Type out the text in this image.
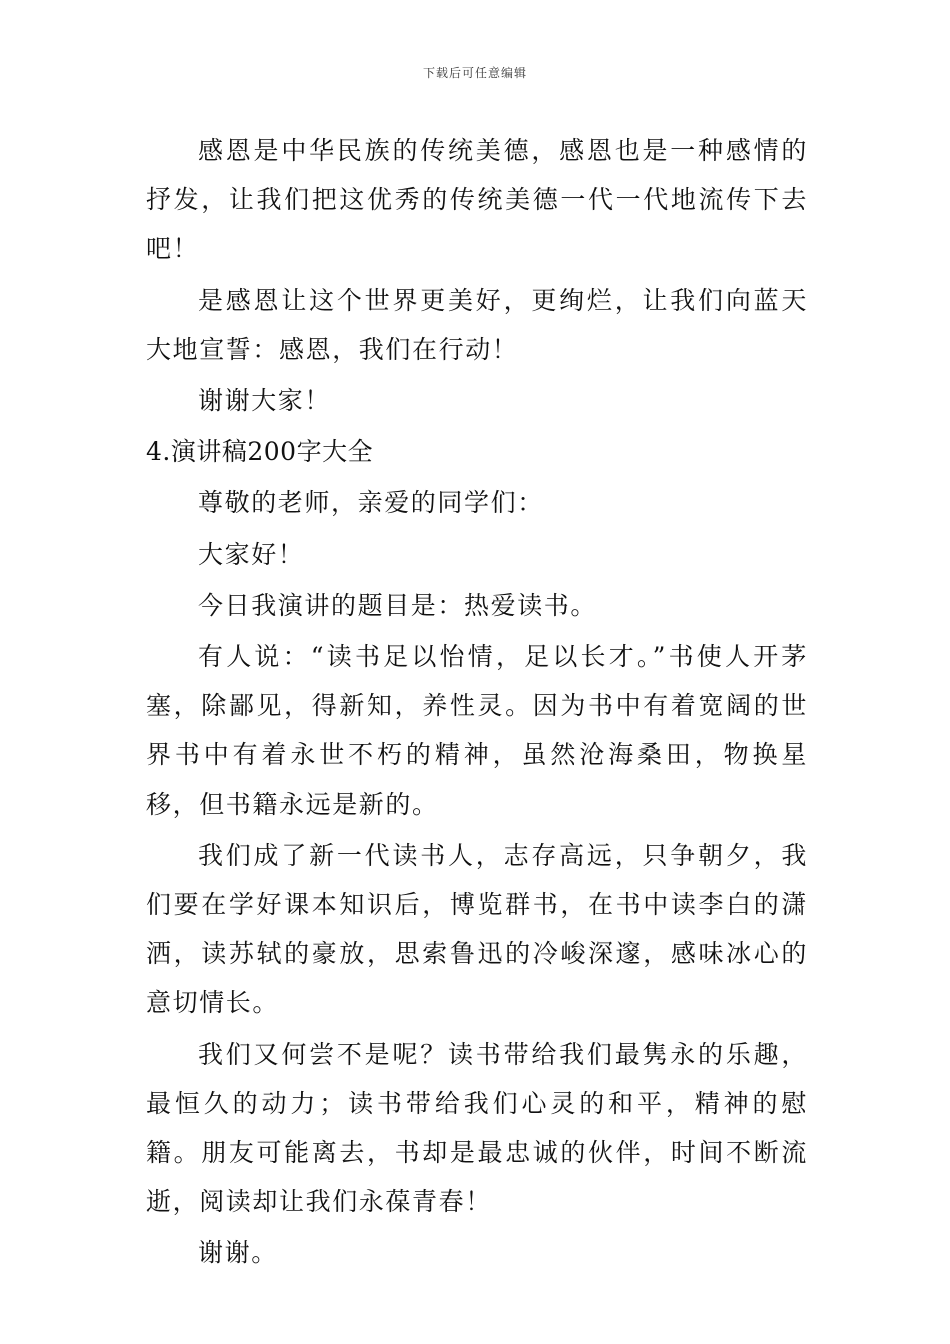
下载后可任意编辑

感恩是中华民族的传统美德，感恩也是一种感情的抒发，让我们把这优秀的传统美德一代一代地流传下去吧！

是感恩让这个世界更美好，更绚烂，让我们向蓝天大地宣誓：感恩，我们在行动！

谢谢大家！

4.演讲稿200字大全

尊敬的老师，亲爱的同学们：

大家好！

今日我演讲的题目是：热爱读书。

有人说：“读书足以怡情，足以长才。”书使人开茅塞，除鄙见，得新知，养性灵。因为书中有着宽阔的世界书中有着永世不朽的精神，虽然沧海桑田，物换星移，但书籍永远是新的。

我们成了新一代读书人，志存高远，只争朝夕，我们要在学好课本知识后，博览群书，在书中读李白的潇洒，读苏轼的豪放，思索鲁迅的冷峻深邃，感味冰心的意切情长。

我们又何尝不是呢？读书带给我们最隽永的乐趣，最恒久的动力；读书带给我们心灵的和平，精神的慰籍。朋友可能离去，书却是最忠诚的伙伴，时间不断流逝，阅读却让我们永葆青春！

谢谢。
